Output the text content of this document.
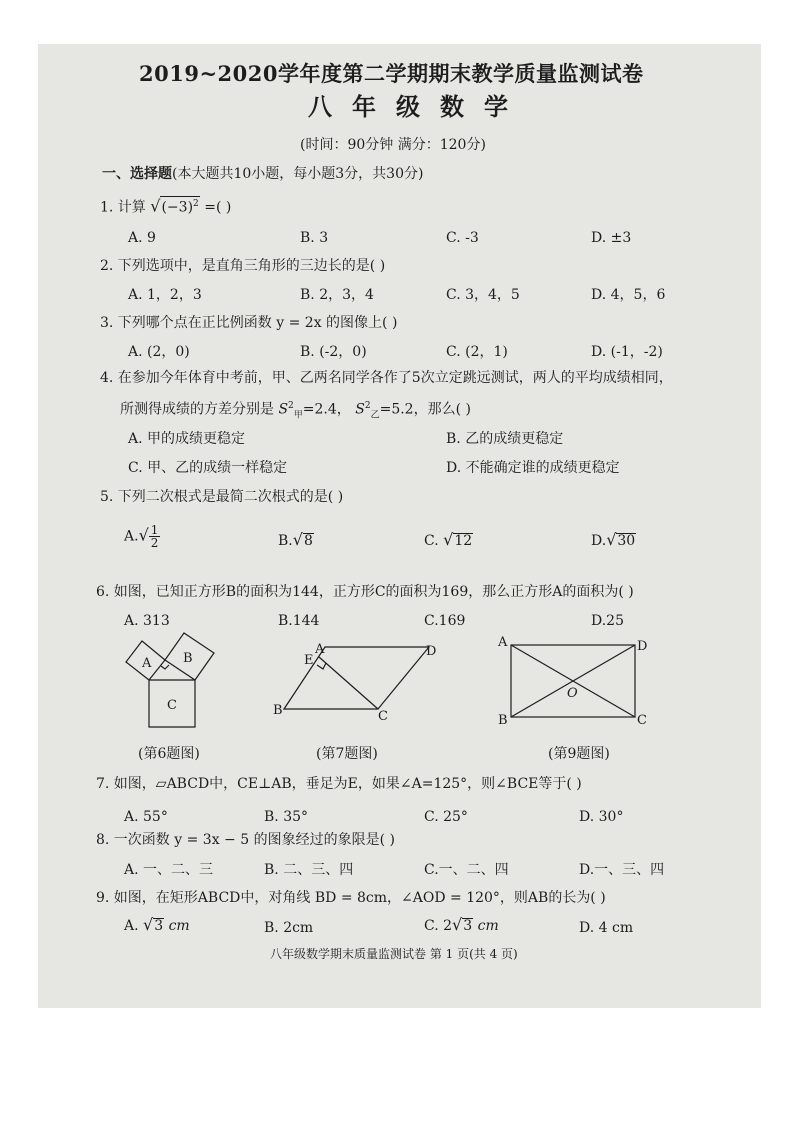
2019~2020学年度第二学期期末教学质量监测试卷
八年级数学
(时间：90分钟 满分：120分)
一、选择题(本大题共10小题，每小题3分，共30分)
1. 计算 $√(-3)^2$ =( )
A. 9	B. 3	C. -3	D. ±3
2. 下列选项中，是直角三角形的三边长的是( )
A. 1，2，3	B. 2，3，4	C. 3，4，5	D. 4，5，6
3. 下列哪个点在正比例函数 y = 2x 的图像上( )
A. (2，0)	B. (-2，0)	C. (2，1)	D. (-1，-2)
4. 在参加今年体育中考前，甲、乙两名同学各作了5次立定跳远测试，两人的平均成绩相同，
所测得成绩的方差分别是 $S^2_甲=2.4$， $S^2_乙=5.2$，那么( )
A. 甲的成绩更稳定	B. 乙的成绩更稳定
C. 甲、乙的成绩一样稳定	D. 不能确定谁的成绩更稳定
5. 下列二次根式是最简二次根式的是( )
$A.√ \frac{1}{2}$	B.√8	C. √12	D.√30
6. 如图，已知正方形B的面积为144，正方形C的面积为169，那么正方形A的面积为( )
A. 313	B.144	C.169	D.25
A B
C
A	D
E
B	C
A	D
O
B	C
(第6题图)	(第7题图)	(第9题图)
7. 如图，▱ABCD中，CE⊥AB，垂足为E，如果∠A=125°，则∠BCE等于( )
A. 55°	B. 35°	C. 25°	D. 30°
8. 一次函数 y = 3x − 5 的图象经过的象限是( )
A. 一、二、三	B. 二、三、四	C.一、二、四	D.一、三、四
9. 如图，在矩形ABCD中，对角线 BD = 8cm，∠AOD = 120°，则AB的长为( )
A. √3 cm	B. 2cm	C. 2√3 cm	D. 4 cm
八年级数学期末质量监测试卷 第 1 页(共 4 页)
